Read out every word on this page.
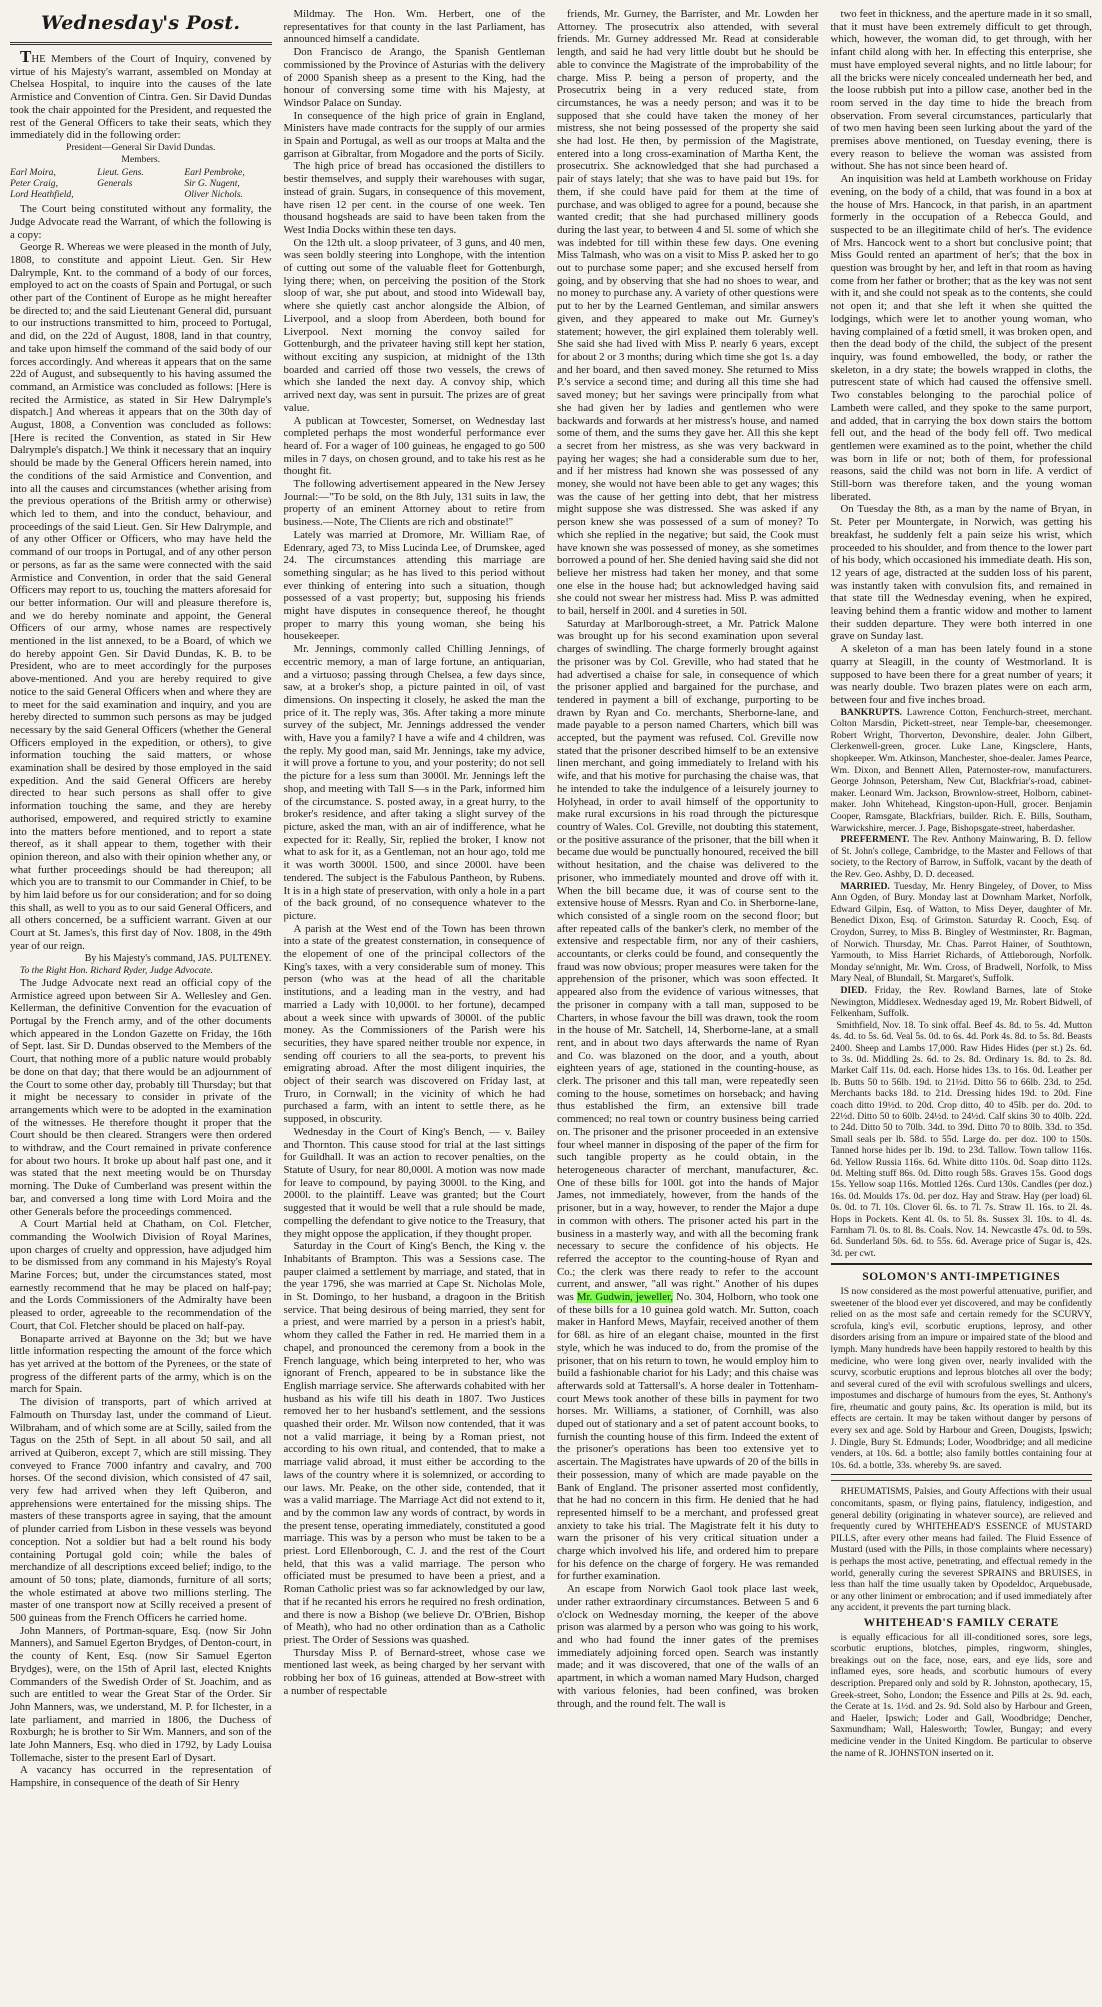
Wednesday's Post.

THE Members of the Court of Inquiry, convened by virtue of his Majesty's warrant, assembled on Monday at Chelsea Hospital, to inquire into the causes of the late Armistice and Convention of Cintra. Gen. Sir David Dundas took the chair appointed for the President, and requested the rest of the General Officers to take their seats, which they immediately did in the following order:

President—General Sir David Dundas.

Members.

Earl Moira,	Lieut. Gens.	Earl Pembroke,
Peter Craig,	Generals	Sir G. Nugent,
Lord Heathfield,	Oliver Nichols.

The Court being constituted without any formality, the Judge Advocate read the Warrant, of which the following is a copy:

George R. Whereas we were pleased in the month of July, 1808, to constitute and appoint Lieut. Gen. Sir Hew Dalrymple, Knt. to the command of a body of our forces, employed to act on the coasts of Spain and Portugal, or such other part of the Continent of Europe as he might hereafter be directed to; and the said Lieutenant General did, pursuant to our instructions transmitted to him, proceed to Portugal, and did, on the 22d of August, 1808, land in that country, and take upon himself the command of the said body of our forces accordingly. And whereas it appears that on the same 22d of August, and subsequently to his having assumed the command, an Armistice was concluded as follows: [Here is recited the Armistice, as stated in Sir Hew Dalrymple's dispatch.] And whereas it appears that on the 30th day of August, 1808, a Convention was concluded as follows: [Here is recited the Convention, as stated in Sir Hew Dalrymple's dispatch.] We think it necessary that an inquiry should be made by the General Officers herein named, into the conditions of the said Armistice and Convention, and into all the causes and circumstances (whether arising from the previous operations of the British army or otherwise) which led to them, and into the conduct, behaviour, and proceedings of the said Lieut. Gen. Sir Hew Dalrymple, and of any other Officer or Officers, who may have held the command of our troops in Portugal, and of any other person or persons, as far as the same were connected with the said Armistice and Convention, in order that the said General Officers may report to us, touching the matters aforesaid for our better information. Our will and pleasure therefore is, and we do hereby nominate and appoint, the General Officers of our army, whose names are respectively mentioned in the list annexed, to be a Board, of which we do hereby appoint Gen. Sir David Dundas, K. B. to be President, who are to meet accordingly for the purposes above-mentioned. And you are hereby required to give notice to the said General Officers when and where they are to meet for the said examination and inquiry, and you are hereby directed to summon such persons as may be judged necessary by the said General Officers (whether the General Officers employed in the expedition, or others), to give information touching the said matters, or whose examination shall be desired by those employed in the said expedition. And the said General Officers are hereby directed to hear such persons as shall offer to give information touching the same, and they are hereby authorised, empowered, and required strictly to examine into the matters before mentioned, and to report a state thereof, as it shall appear to them, together with their opinion thereon, and also with their opinion whether any, or what further proceedings should be had thereupon; all which you are to transmit to our Commander in Chief, to be by him laid before us for our consideration; and for so doing this shall, as well to you as to our said General Officers, and all others concerned, be a sufficient warrant. Given at our Court at St. James's, this first day of Nov. 1808, in the 49th year of our reign.

By his Majesty's command, JAS. PULTENEY.

To the Right Hon. Richard Ryder, Judge Advocate.

The Judge Advocate next read an official copy of the Armistice agreed upon between Sir A. Wellesley and Gen. Kellerman, the definitive Convention for the evacuation of Portugal by the French army, and of the other documents which appeared in the London Gazette on Friday, the 16th of Sept. last. Sir D. Dundas observed to the Members of the Court, that nothing more of a public nature would probably be done on that day; that there would be an adjournment of the Court to some other day, probably till Thursday; but that it might be necessary to consider in private of the arrangements which were to be adopted in the examination of the witnesses. He therefore thought it proper that the Court should be then cleared. Strangers were then ordered to withdraw, and the Court remained in private conference for about two hours. It broke up about half past one, and it was stated that the next meeting would be on Thursday morning. The Duke of Cumberland was present within the bar, and conversed a long time with Lord Moira and the other Generals before the proceedings commenced.

A Court Martial held at Chatham, on Col. Fletcher, commanding the Woolwich Division of Royal Marines, upon charges of cruelty and oppression, have adjudged him to be dismissed from any command in his Majesty's Royal Marine Forces; but, under the circumstances stated, most earnestly recommend that he may be placed on half-pay; and the Lords Commissioners of the Admiralty have been pleased to order, agreeable to the recommendation of the Court, that Col. Fletcher should be placed on half-pay.

Bonaparte arrived at Bayonne on the 3d; but we have little information respecting the amount of the force which has yet arrived at the bottom of the Pyrenees, or the state of progress of the different parts of the army, which is on the march for Spain.

The division of transports, part of which arrived at Falmouth on Thursday last, under the command of Lieut. Wilbraham, and of which some are at Scilly, sailed from the Tagus on the 25th of Sept. in all about 50 sail, and all arrived at Quiberon, except 7, which are still missing. They conveyed to France 7000 infantry and cavalry, and 700 horses. Of the second division, which consisted of 47 sail, very few had arrived when they left Quiberon, and apprehensions were entertained for the missing ships. The masters of these transports agree in saying, that the amount of plunder carried from Lisbon in these vessels was beyond conception. Not a soldier but had a belt round his body containing Portugal gold coin; while the bales of merchandize of all descriptions exceed belief; indigo, to the amount of 50 tons; plate, diamonds, furniture of all sorts; the whole estimated at above two millions sterling. The master of one transport now at Scilly received a present of 500 guineas from the French Officers he carried home.

John Manners, of Portman-square, Esq. (now Sir John Manners), and Samuel Egerton Brydges, of Denton-court, in the county of Kent, Esq. (now Sir Samuel Egerton Brydges), were, on the 15th of April last, elected Knights Commanders of the Swedish Order of St. Joachim, and as such are entitled to wear the Great Star of the Order. Sir John Manners, was, we understand, M. P. for Ilchester, in a late parliament, and married in 1806, the Duchess of Roxburgh; he is brother to Sir Wm. Manners, and son of the late John Manners, Esq. who died in 1792, by Lady Louisa Tollemache, sister to the present Earl of Dysart.

A vacancy has occurred in the representation of Hampshire, in consequence of the death of Sir Henry

Mildmay. The Hon. Wm. Herbert, one of the representatives for that county in the last Parliament, has announced himself a candidate.

Don Francisco de Arango, the Spanish Gentleman commissioned by the Province of Asturias with the delivery of 2000 Spanish sheep as a present to the King, had the honour of conversing some time with his Majesty, at Windsor Palace on Sunday.

In consequence of the high price of grain in England, Ministers have made contracts for the supply of our armies in Spain and Portugal, as well as our troops at Malta and the garrison at Gibraltar, from Mogadore and the ports of Sicily.

The high price of bread has occasioned the distillers to bestir themselves, and supply their warehouses with sugar, instead of grain. Sugars, in consequence of this movement, have risen 12 per cent. in the course of one week. Ten thousand hogsheads are said to have been taken from the West India Docks within these ten days.

On the 12th ult. a sloop privateer, of 3 guns, and 40 men, was seen boldly steering into Longhope, with the intention of cutting out some of the valuable fleet for Gottenburgh, lying there; when, on perceiving the position of the Stork sloop of war, she put about, and stood into Widewall bay, where she quietly cast anchor alongside the Albion, of Liverpool, and a sloop from Aberdeen, both bound for Liverpool. Next morning the convoy sailed for Gottenburgh, and the privateer having still kept her station, without exciting any suspicion, at midnight of the 13th boarded and carried off those two vessels, the crews of which she landed the next day. A convoy ship, which arrived next day, was sent in pursuit. The prizes are of great value.

A publican at Towcester, Somerset, on Wednesday last completed perhaps the most wonderful performance ever heard of. For a wager of 100 guineas, he engaged to go 500 miles in 7 days, on chosen ground, and to take his rest as he thought fit.

The following advertisement appeared in the New Jersey Journal:—"To be sold, on the 8th July, 131 suits in law, the property of an eminent Attorney about to retire from business.—Note, The Clients are rich and obstinate!"

Lately was married at Dromore, Mr. William Rae, of Edenrary, aged 73, to Miss Lucinda Lee, of Drumskee, aged 24. The circumstances attending this marriage are something singular; as he has lived to this period without ever thinking of entering into such a situation, though possessed of a vast property; but, supposing his friends might have disputes in consequence thereof, he thought proper to marry this young woman, she being his housekeeper.

Mr. Jennings, commonly called Chilling Jennings, of eccentric memory, a man of large fortune, an antiquarian, and a virtuoso; passing through Chelsea, a few days since, saw, at a broker's shop, a picture painted in oil, of vast dimensions. On inspecting it closely, he asked the man the price of it. The reply was, 36s. After taking a more minute survey of the subject, Mr. Jennings addressed the vender with, Have you a family? I have a wife and 4 children, was the reply. My good man, said Mr. Jennings, take my advice, it will prove a fortune to you, and your posterity; do not sell the picture for a less sum than 3000l. Mr. Jennings left the shop, and meeting with Tall S—s in the Park, informed him of the circumstance. S. posted away, in a great hurry, to the broker's residence, and after taking a slight survey of the picture, asked the man, with an air of indifference, what he expected for it: Really, Sir, replied the broker, I know not what to ask for it, as a Gentleman, not an hour ago, told me it was worth 3000l. 1500, and since 2000l. have been tendered. The subject is the Fabulous Pantheon, by Rubens. It is in a high state of preservation, with only a hole in a part of the back ground, of no consequence whatever to the picture.

A parish at the West end of the Town has been thrown into a state of the greatest consternation, in consequence of the elopement of one of the principal collectors of the King's taxes, with a very considerable sum of money. This person (who was at the head of all the charitable institutions, and a leading man in the vestry, and had married a Lady with 10,000l. to her fortune), decamped about a week since with upwards of 3000l. of the public money. As the Commissioners of the Parish were his securities, they have spared neither trouble nor expence, in sending off couriers to all the sea-ports, to prevent his emigrating abroad. After the most diligent inquiries, the object of their search was discovered on Friday last, at Truro, in Cornwall; in the vicinity of which he had purchased a farm, with an intent to settle there, as he supposed, in obscurity.

Wednesday in the Court of King's Bench, — v. Bailey and Thornton. This cause stood for trial at the last sittings for Guildhall. It was an action to recover penalties, on the Statute of Usury, for near 80,000l. A motion was now made for leave to compound, by paying 3000l. to the King, and 2000l. to the plaintiff. Leave was granted; but the Court suggested that it would be well that a rule should be made, compelling the defendant to give notice to the Treasury, that they might oppose the application, if they thought proper.

Saturday in the Court of King's Bench, the King v. the Inhabitants of Brampton. This was a Sessions case. The pauper claimed a settlement by marriage, and stated, that in the year 1796, she was married at Cape St. Nicholas Mole, in St. Domingo, to her husband, a dragoon in the British service. That being desirous of being married, they sent for a priest, and were married by a person in a priest's habit, whom they called the Father in red. He married them in a chapel, and pronounced the ceremony from a book in the French language, which being interpreted to her, who was ignorant of French, appeared to be in substance like the English marriage service. She afterwards cohabited with her husband as his wife till his death in 1807. Two Justices removed her to her husband's settlement, and the sessions quashed their order. Mr. Wilson now contended, that it was not a valid marriage, it being by a Roman priest, not according to his own ritual, and contended, that to make a marriage valid abroad, it must either be according to the laws of the country where it is solemnized, or according to our laws. Mr. Peake, on the other side, contended, that it was a valid marriage. The Marriage Act did not extend to it, and by the common law any words of contract, by words in the present tense, operating immediately, constituted a good marriage. This was by a person who must be taken to be a priest. Lord Ellenborough, C. J. and the rest of the Court held, that this was a valid marriage. The person who officiated must be presumed to have been a priest, and a Roman Catholic priest was so far acknowledged by our law, that if he recanted his errors he required no fresh ordination, and there is now a Bishop (we believe Dr. O'Brien, Bishop of Meath), who had no other ordination than as a Catholic priest. The Order of Sessions was quashed.

Thursday Miss P. of Bernard-street, whose case we mentioned last week, as being charged by her servant with robbing her box of 16 guineas, attended at Bow-street with a number of respectable

friends, Mr. Gurney, the Barrister, and Mr. Lowden her Attorney. The prosecutrix also attended, with several friends. Mr. Gurney addressed Mr. Read at considerable length, and said he had very little doubt but he should be able to convince the Magistrate of the improbability of the charge. Miss P. being a person of property, and the Prosecutrix being in a very reduced state, from circumstances, he was a needy person; and was it to be supposed that she could have taken the money of her mistress, she not being possessed of the property she said she had lost. He then, by permission of the Magistrate, entered into a long cross-examination of Martha Kent, the prosecutrix. She acknowledged that she had purchased a pair of stays lately; that she was to have paid but 19s. for them, if she could have paid for them at the time of purchase, and was obliged to agree for a pound, because she wanted credit; that she had purchased millinery goods during the last year, to between 4 and 5l. some of which she was indebted for till within these few days. One evening Miss Talmash, who was on a visit to Miss P. asked her to go out to purchase some paper; and she excused herself from going, and by observing that she had no shoes to wear, and no money to purchase any. A variety of other questions were put to her by the Learned Gentleman, and similar answers given, and they appeared to make out Mr. Gurney's statement; however, the girl explained them tolerably well. She said she had lived with Miss P. nearly 6 years, except for about 2 or 3 months; during which time she got 1s. a day and her board, and then saved money. She returned to Miss P.'s service a second time; and during all this time she had saved money; but her savings were principally from what she had given her by ladies and gentlemen who were backwards and forwards at her mistress's house, and named some of them, and the sums they gave her. All this she kept a secret from her mistress, as she was very backward in paying her wages; she had a considerable sum due to her, and if her mistress had known she was possessed of any money, she would not have been able to get any wages; this was the cause of her getting into debt, that her mistress might suppose she was distressed. She was asked if any person knew she was possessed of a sum of money? To which she replied in the negative; but said, the Cook must have known she was possessed of money, as she sometimes borrowed a pound of her. She denied having said she did not believe her mistress had taken her money, and that some one else in the house had; but acknowledged having said she could not swear her mistress had. Miss P. was admitted to bail, herself in 200l. and 4 sureties in 50l.

Saturday at Marlborough-street, a Mr. Patrick Malone was brought up for his second examination upon several charges of swindling. The charge formerly brought against the prisoner was by Col. Greville, who had stated that he had advertised a chaise for sale, in consequence of which the prisoner applied and bargained for the purchase, and tendered in payment a bill of exchange, purporting to be drawn by Ryan and Co. merchants, Sherborne-lane, and made payable to a person named Charters, which bill was accepted, but the payment was refused. Col. Greville now stated that the prisoner described himself to be an extensive linen merchant, and going immediately to Ireland with his wife, and that his motive for purchasing the chaise was, that he intended to take the indulgence of a leisurely journey to Holyhead, in order to avail himself of the opportunity to make rural excursions in his road through the picturesque country of Wales. Col. Greville, not doubting this statement, or the positive assurance of the prisoner, that the bill when it became due would be punctually honoured, received the bill without hesitation, and the chaise was delivered to the prisoner, who immediately mounted and drove off with it. When the bill became due, it was of course sent to the extensive house of Messrs. Ryan and Co. in Sherborne-lane, which consisted of a single room on the second floor; but after repeated calls of the banker's clerk, no member of the extensive and respectable firm, nor any of their cashiers, accountants, or clerks could be found, and consequently the fraud was now obvious; proper measures were taken for the apprehension of the prisoner, which was soon effected. It appeared also from the evidence of various witnesses, that the prisoner in company with a tall man, supposed to be Charters, in whose favour the bill was drawn, took the room in the house of Mr. Satchell, 14, Sherborne-lane, at a small rent, and in about two days afterwards the name of Ryan and Co. was blazoned on the door, and a youth, about eighteen years of age, stationed in the counting-house, as clerk. The prisoner and this tall man, were repeatedly seen coming to the house, sometimes on horseback; and having thus established the firm, an extensive bill trade commenced; no real town or country business being carried on. The prisoner and the prisoner proceeded in an extensive four wheel manner in disposing of the paper of the firm for such tangible property as he could obtain, in the heterogeneous character of merchant, manufacturer, &c. One of these bills for 100l. got into the hands of Major James, not immediately, however, from the hands of the prisoner, but in a way, however, to render the Major a dupe in common with others. The prisoner acted his part in the business in a masterly way, and with all the becoming frank necessary to secure the confidence of his objects. He referred the acceptor to the counting-house of Ryan and Co.; the clerk was there ready to refer to the account current, and answer, "all was right." Another of his dupes was Mr. Gudwin, jeweller, No. 304, Holborn, who took one of these bills for a 10 guinea gold watch. Mr. Sutton, coach maker in Hanford Mews, Mayfair, received another of them for 68l. as hire of an elegant chaise, mounted in the first style, which he was induced to do, from the promise of the prisoner, that on his return to town, he would employ him to build a fashionable chariot for his Lady; and this chaise was afterwards sold at Tattersall's. A horse dealer in Tottenham-court Mews took another of these bills in payment for two horses. Mr. Williams, a stationer, of Cornhill, was also duped out of stationary and a set of patent account books, to furnish the counting house of this firm. Indeed the extent of the prisoner's operations has been too extensive yet to ascertain. The Magistrates have upwards of 20 of the bills in their possession, many of which are made payable on the Bank of England. The prisoner asserted most confidently, that he had no concern in this firm. He denied that he had represented himself to be a merchant, and professed great anxiety to take his trial. The Magistrate felt it his duty to warn the prisoner of his very critical situation under a charge which involved his life, and ordered him to prepare for his defence on the charge of forgery. He was remanded for further examination.

An escape from Norwich Gaol took place last week, under rather extraordinary circumstances. Between 5 and 6 o'clock on Wednesday morning, the keeper of the above prison was alarmed by a person who was going to his work, and who had found the inner gates of the premises immediately adjoining forced open. Search was instantly made; and it was discovered, that one of the walls of an apartment, in which a woman named Mary Hudson, charged with various felonies, had been confined, was broken through, and the round felt. The wall is

two feet in thickness, and the aperture made in it so small, that it must have been extremely difficult to get through, which, however, the woman did, to get through, with her infant child along with her. In effecting this enterprise, she must have employed several nights, and no little labour; for all the bricks were nicely concealed underneath her bed, and the loose rubbish put into a pillow case, another bed in the room served in the day time to hide the breach from observation. From several circumstances, particularly that of two men having been seen lurking about the yard of the premises above mentioned, on Tuesday evening, there is every reason to believe the woman was assisted from without. She has not since been heard of.

An inquisition was held at Lambeth workhouse on Friday evening, on the body of a child, that was found in a box at the house of Mrs. Hancock, in that parish, in an apartment formerly in the occupation of a Rebecca Gould, and suspected to be an illegitimate child of her's. The evidence of Mrs. Hancock went to a short but conclusive point; that Miss Gould rented an apartment of her's; that the box in question was brought by her, and left in that room as having come from her father or brother; that as the key was not sent with it, and she could not speak as to the contents, she could not open it; and that she left it when she quitted the lodgings, which were let to another young woman, who having complained of a fœtid smell, it was broken open, and then the dead body of the child, the subject of the present inquiry, was found embowelled, the body, or rather the skeleton, in a dry state; the bowels wrapped in cloths, the putrescent state of which had caused the offensive smell. Two constables belonging to the parochial police of Lambeth were called, and they spoke to the same purport, and added, that in carrying the box down stairs the bottom fell out, and the head of the body fell off. Two medical gentlemen were examined as to the point, whether the child was born in life or not; both of them, for professional reasons, said the child was not born in life. A verdict of Still-born was therefore taken, and the young woman liberated.

On Tuesday the 8th, as a man by the name of Bryan, in St. Peter per Mountergate, in Norwich, was getting his breakfast, he suddenly felt a pain seize his wrist, which proceeded to his shoulder, and from thence to the lower part of his body, which occasioned his immediate death. His son, 12 years of age, distracted at the sudden loss of his parent, was instantly taken with convulsion fits, and remained in that state till the Wednesday evening, when he expired, leaving behind them a frantic widow and mother to lament their sudden departure. They were both interred in one grave on Sunday last.

A skeleton of a man has been lately found in a stone quarry at Sleagill, in the county of Westmorland. It is supposed to have been there for a great number of years; it was nearly double. Two brazen plates were on each arm, between four and five inches broad.

BANKRUPTS. Lawrence Cotton, Fenchurch-street, merchant. Colton Marsdin, Pickett-street, near Temple-bar, cheesemonger. Robert Wright, Thorverton, Devonshire, dealer. John Gilbert, Clerkenwell-green, grocer. Luke Lane, Kingsclere, Hants, shopkeeper. Wm. Atkinson, Manchester, shoe-dealer. James Pearce, Wm. Dixon, and Bennett Allen, Paternoster-row, manufacturers. George Johnson, Petersham, New Cut, Blackfriar's-road, cabinet-maker. Leonard Wm. Jackson, Brownlow-street, Holborn, cabinet-maker. John Whitehead, Kingston-upon-Hull, grocer. Benjamin Cooper, Ramsgate, Blackfriars, builder. Rich. E. Bills, Southam, Warwickshire, mercer. J. Page, Bishopsgate-street, haberdasher.

PREFERMENT. The Rev. Anthony Mainwaring, B. D. fellow of St. John's college, Cambridge, to the Master and Fellows of that society, to the Rectory of Barrow, in Suffolk, vacant by the death of the Rev. Geo. Ashby, D. D. deceased.

MARRIED. Tuesday, Mr. Henry Bingeley, of Dover, to Miss Ann Ogden, of Bury. Monday last at Downham Market, Norfolk, Edward Gilpin, Esq. of Watton, to Miss Deyer, daughter of Mr. Benedict Dixon, Esq. of Grimston. Saturday R. Cooch, Esq. of Croydon, Surrey, to Miss B. Bingley of Westminster, Rr. Bagman, of Norwich. Thursday, Mr. Chas. Parrot Hainer, of Southtown, Yarmouth, to Miss Harriet Richards, of Attleborough, Norfolk. Monday se'nnight, Mr. Wm. Cross, of Bradwell, Norfolk, to Miss Mary Neal, of Blundall, St. Margaret's, Suffolk.

DIED. Friday, the Rev. Rowland Barnes, late of Stoke Newington, Middlesex. Wednesday aged 19, Mr. Robert Bidwell, of Felkenham, Suffolk.

Smithfield, Nov. 18. To sink offal. Beef 4s. 8d. to 5s. 4d. Mutton 4s. 4d. to 5s. 6d. Veal 5s. 0d. to 6s. 4d. Pork 4s. 8d. to 5s. 8d. Beasts 2400. Sheep and Lambs 17,000. Raw Hides Hides (per st.) 2s. 6d. to 3s. 0d. Middling 2s. 6d. to 2s. 8d. Ordinary 1s. 8d. to 2s. 8d. Market Calf 11s. 0d. each. Horse hides 13s. to 16s. 0d. Leather per lb. Butts 50 to 56lb. 19d. to 21½d. Ditto 56 to 66lb. 23d. to 25d. Merchants backs 18d. to 21d. Dressing hides 19d. to 20d. Fine coach ditto 19½d. to 20d. Crop ditto, 40 to 45lb. per do. 20d. to 22½d. Ditto 50 to 60lb. 24½d. to 24½d. Calf skins 30 to 40lb. 22d. to 24d. Ditto 50 to 70lb. 34d. to 39d. Ditto 70 to 80lb. 33d. to 35d. Small seals per lb. 58d. to 55d. Large do. per doz. 100 to 150s. Tanned horse hides per lb. 19d. to 23d. Tallow. Town tallow 116s. 6d. Yellow Russia 116s. 6d. White ditto 110s. 0d. Soap ditto 112s. 0d. Melting stuff 86s. 0d. Ditto rough 58s. Graves 15s. Good dogs 15s. Yellow soap 116s. Mottled 126s. Curd 130s. Candles (per doz.) 16s. 0d. Moulds 17s. 0d. per doz. Hay and Straw. Hay (per load) 6l. 0s. 0d. to 7l. 10s. Clover 6l. 6s. to 7l. 7s. Straw 1l. 16s. to 2l. 4s. Hops in Pockets. Kent 4l. 0s. to 5l. 8s. Sussex 3l. 10s. to 4l. 4s. Farnham 7l. 0s. to 8l. 8s. Coals. Nov. 14. Newcastle 47s. 0d. to 59s. 6d. Sunderland 50s. 6d. to 55s. 6d. Average price of Sugar is, 42s. 3d. per cwt.

SOLOMON'S ANTI-IMPETIGINES

IS now considered as the most powerful attenuative, purifier, and sweetener of the blood ever yet discovered, and may be confidently relied on as the most safe and certain remedy for the SCURVY, scrofula, king's evil, scorbutic eruptions, leprosy, and other disorders arising from an impure or impaired state of the blood and lymph. Many hundreds have been happily restored to health by this medicine, who were long given over, nearly invalided with the scurvy, scorbutic eruptions and leprous blotches all over the body; and several cured of the evil with scrofulous swellings and ulcers, impostumes and discharge of humours from the eyes, St. Anthony's fire, rheumatic and gouty pains, &c. Its operation is mild, but its effects are certain. It may be taken without danger by persons of every sex and age. Sold by Harbour and Green, Dougists, Ipswich; J. Dingle, Bury St. Edmunds; Loder, Woodbridge; and all medicine venders, at 10s. 6d. a bottle; also family bottles containing four at 10s. 6d. a bottle, 33s. whereby 9s. are saved.

RHEUMATISMS, Palsies, and Gouty Affections with their usual concomitants, spasm, or flying pains, flatulency, indigestion, and general debility (originating in whatever source), are relieved and frequently cured by WHITEHEAD'S ESSENCE of MUSTARD PILLS, after every other means had failed. The Fluid Essence of Mustard (used with the Pills, in those complaints where necessary) is perhaps the most active, penetrating, and effectual remedy in the world, generally curing the severest SPRAINS and BRUISES, in less than half the time usually taken by Opodeldoc, Arquebusade, or any other liniment or embrocation; and if used immediately after any accident, it prevents the part turning black.

WHITEHEAD'S FAMILY CERATE

is equally efficacious for all ill-conditioned sores, sore legs, scorbutic eruptions, blotches, pimples, ringworm, shingles, breakings out on the face, nose, ears, and eye lids, sore and inflamed eyes, sore heads, and scorbutic humours of every description. Prepared only and sold by R. Johnston, apothecary, 15, Greek-street, Soho, London; the Essence and Pills at 2s. 9d. each, the Cerate at 1s. 1½d. and 2s. 9d. Sold also by Harbour and Green, and Haeler, Ipswich; Loder and Gall, Woodbridge; Dencher, Saxmundham; Wall, Halesworth; Towler, Bungay; and every medicine vender in the United Kingdom. Be particular to observe the name of R. JOHNSTON inserted on it.
